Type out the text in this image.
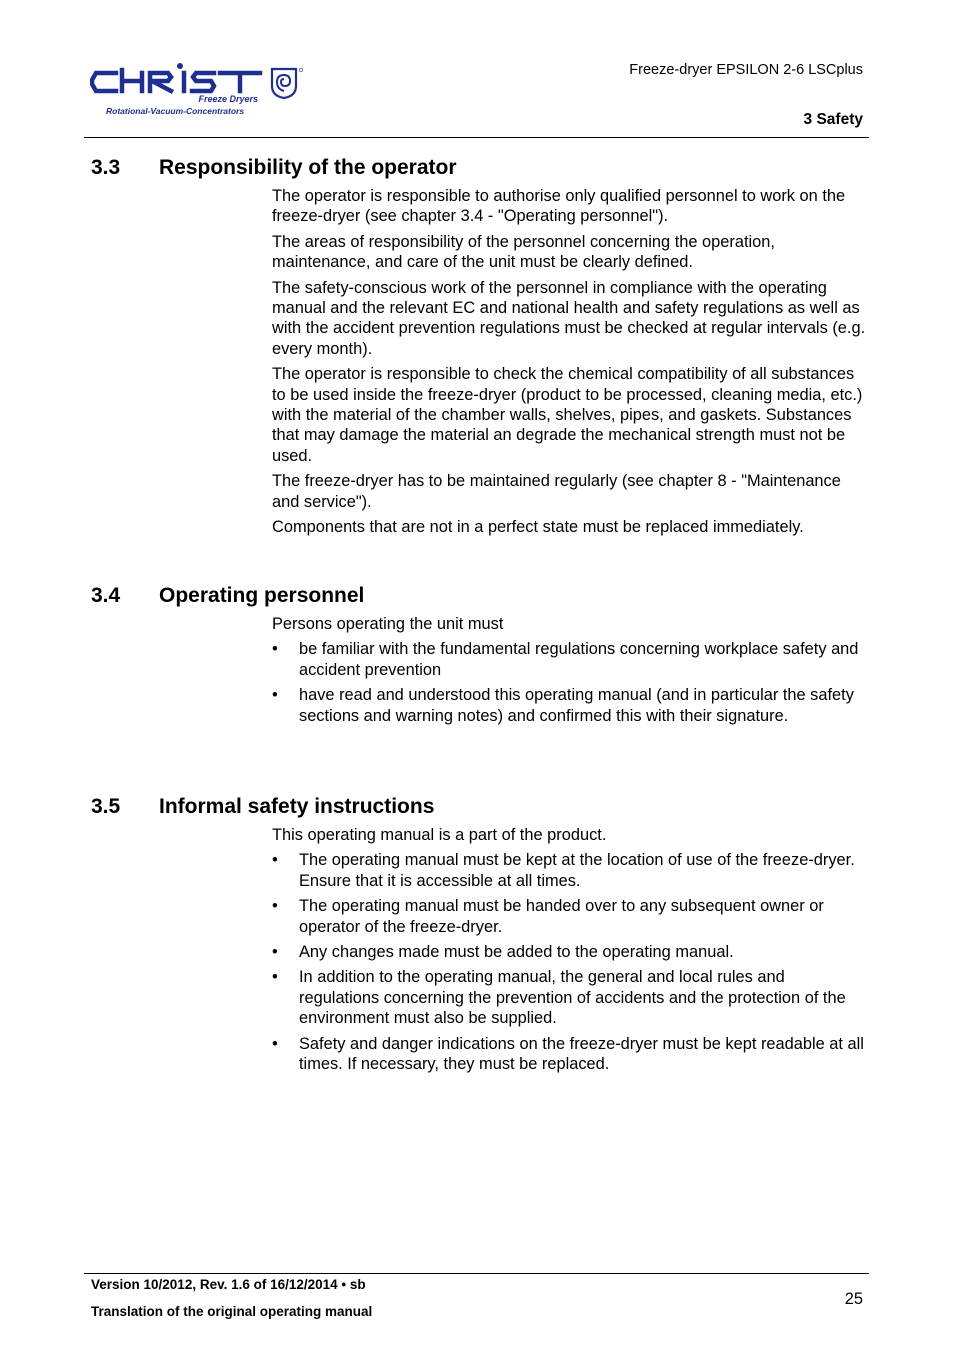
Freeze Dryers
Rotational-Vacuum-Concentrators
Freeze-dryer EPSILON 2-6 LSCplus
3 Safety
3.3 Responsibility of the operator

The operator is responsible to authorise only qualified personnel to work on the freeze-dryer (see chapter 3.4 - "Operating personnel").

The areas of responsibility of the personnel concerning the operation, maintenance, and care of the unit must be clearly defined.

The safety-conscious work of the personnel in compliance with the operating manual and the relevant EC and national health and safety regulations as well as with the accident prevention regulations must be checked at regular intervals (e.g. every month).

The operator is responsible to check the chemical compatibility of all substances to be used inside the freeze-dryer (product to be processed, cleaning media, etc.) with the material of the chamber walls, shelves, pipes, and gaskets. Substances that may damage the material an degrade the mechanical strength must not be used.

The freeze-dryer has to be maintained regularly (see chapter 8 - "Maintenance and service").

Components that are not in a perfect state must be replaced immediately.

3.4 Operating personnel

Persons operating the unit must

• be familiar with the fundamental regulations concerning workplace safety and accident prevention
• have read and understood this operating manual (and in particular the safety sections and warning notes) and confirmed this with their signature.
3.5 Informal safety instructions

This operating manual is a part of the product.

• The operating manual must be kept at the location of use of the freeze-dryer. Ensure that it is accessible at all times.
• The operating manual must be handed over to any subsequent owner or operator of the freeze-dryer.
• Any changes made must be added to the operating manual.
• In addition to the operating manual, the general and local rules and regulations concerning the prevention of accidents and the protection of the environment must also be supplied.
• Safety and danger indications on the freeze-dryer must be kept readable at all times. If necessary, they must be replaced.
Version 10/2012, Rev. 1.6 of 16/12/2014 • sb
Translation of the original operating manual
25
